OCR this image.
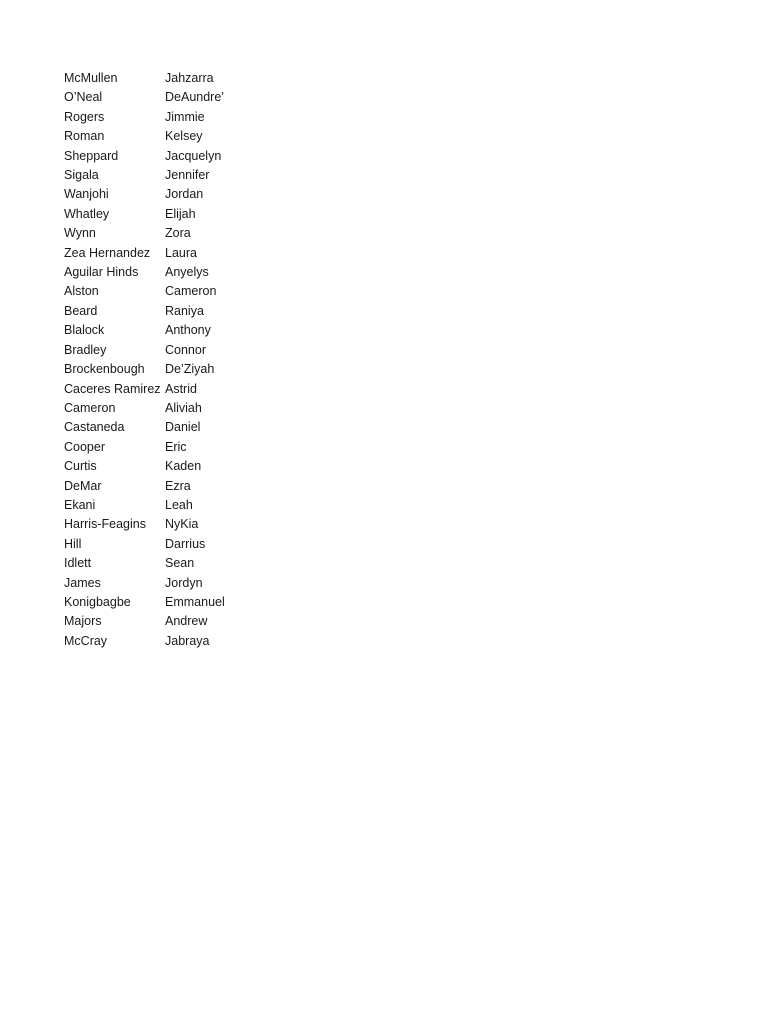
McMullen	Jahzarra
O’Neal	DeAundre’
Rogers	Jimmie
Roman	Kelsey
Sheppard	Jacquelyn
Sigala	Jennifer
Wanjohi	Jordan
Whatley	Elijah
Wynn	Zora
Zea Hernandez	Laura
Aguilar Hinds	Anyelys
Alston	Cameron
Beard	Raniya
Blalock	Anthony
Bradley	Connor
Brockenbough	De’Ziyah
Caceres Ramirez	Astrid
Cameron	Aliviah
Castaneda	Daniel
Cooper	Eric
Curtis	Kaden
DeMar	Ezra
Ekani	Leah
Harris-Feagins	NyKia
Hill	Darrius
Idlett	Sean
James	Jordyn
Konigbagbe	Emmanuel
Majors	Andrew
McCray	Jabraya
